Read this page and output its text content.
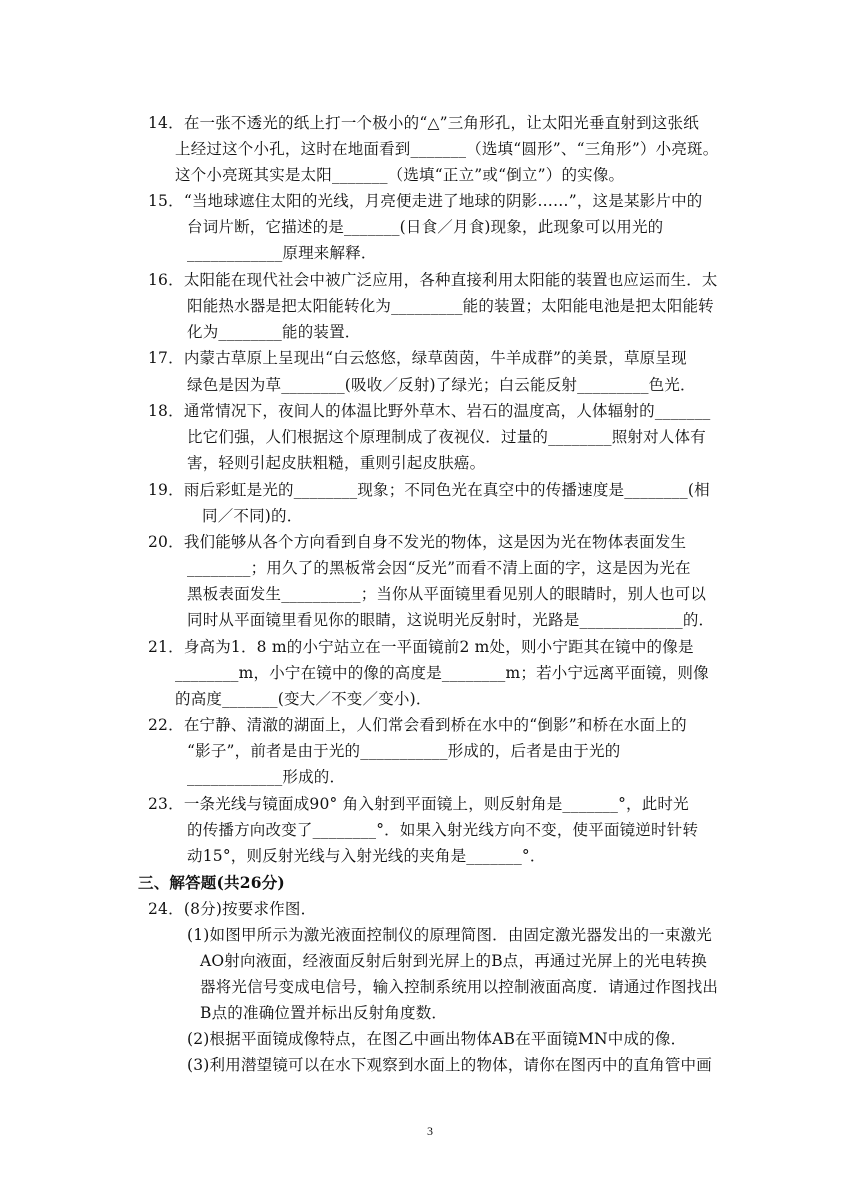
14．在一张不透光的纸上打一个极小的“△”三角形孔，让太阳光垂直射到这张纸
上经过这个小孔，这时在地面看到_______（选填“圆形”、“三角形”）小亮斑。
这个小亮斑其实是太阳_______（选填“正立”或“倒立”）的实像。
15．“当地球遮住太阳的光线，月亮便走进了地球的阴影……”，这是某影片中的
台词片断，它描述的是_______(日食／月食)现象，此现象可以用光的
____________原理来解释．
16．太阳能在现代社会中被广泛应用，各种直接利用太阳能的装置也应运而生．太
阳能热水器是把太阳能转化为_________能的装置；太阳能电池是把太阳能转
化为________能的装置．
17．内蒙古草原上呈现出“白云悠悠，绿草茵茵，牛羊成群”的美景，草原呈现
绿色是因为草________(吸收／反射)了绿光；白云能反射_________色光．
18．通常情况下，夜间人的体温比野外草木、岩石的温度高，人体辐射的_______
比它们强，人们根据这个原理制成了夜视仪．过量的________照射对人体有
害，轻则引起皮肤粗糙，重则引起皮肤癌。
19．雨后彩虹是光的________现象；不同色光在真空中的传播速度是________(相
同／不同)的．
20．我们能够从各个方向看到自身不发光的物体，这是因为光在物体表面发生
________；用久了的黑板常会因“反光”而看不清上面的字，这是因为光在
黑板表面发生__________；当你从平面镜里看见别人的眼睛时，别人也可以
同时从平面镜里看见你的眼睛，这说明光反射时，光路是_____________的．
21．身高为1．8 m的小宁站立在一平面镜前2 m处，则小宁距其在镜中的像是
________m，小宁在镜中的像的高度是________m；若小宁远离平面镜，则像
的高度_______(变大／不变／变小)．
22．在宁静、清澈的湖面上，人们常会看到桥在水中的“倒影”和桥在水面上的
“影子”，前者是由于光的___________形成的，后者是由于光的
____________形成的．
23．一条光线与镜面成90° 角入射到平面镜上，则反射角是_______°，此时光
的传播方向改变了________°．如果入射光线方向不变，使平面镜逆时针转
动15°，则反射光线与入射光线的夹角是_______°．
三、解答题(共26分)
24．(8分)按要求作图．
(1)如图甲所示为激光液面控制仪的原理简图．由固定激光器发出的一束激光
AO射向液面，经液面反射后射到光屏上的B点，再通过光屏上的光电转换
器将光信号变成电信号，输入控制系统用以控制液面高度．请通过作图找出
B点的准确位置并标出反射角度数．
(2)根据平面镜成像特点，在图乙中画出物体AB在平面镜MN中成的像．
(3)利用潜望镜可以在水下观察到水面上的物体，请你在图丙中的直角管中画
3
